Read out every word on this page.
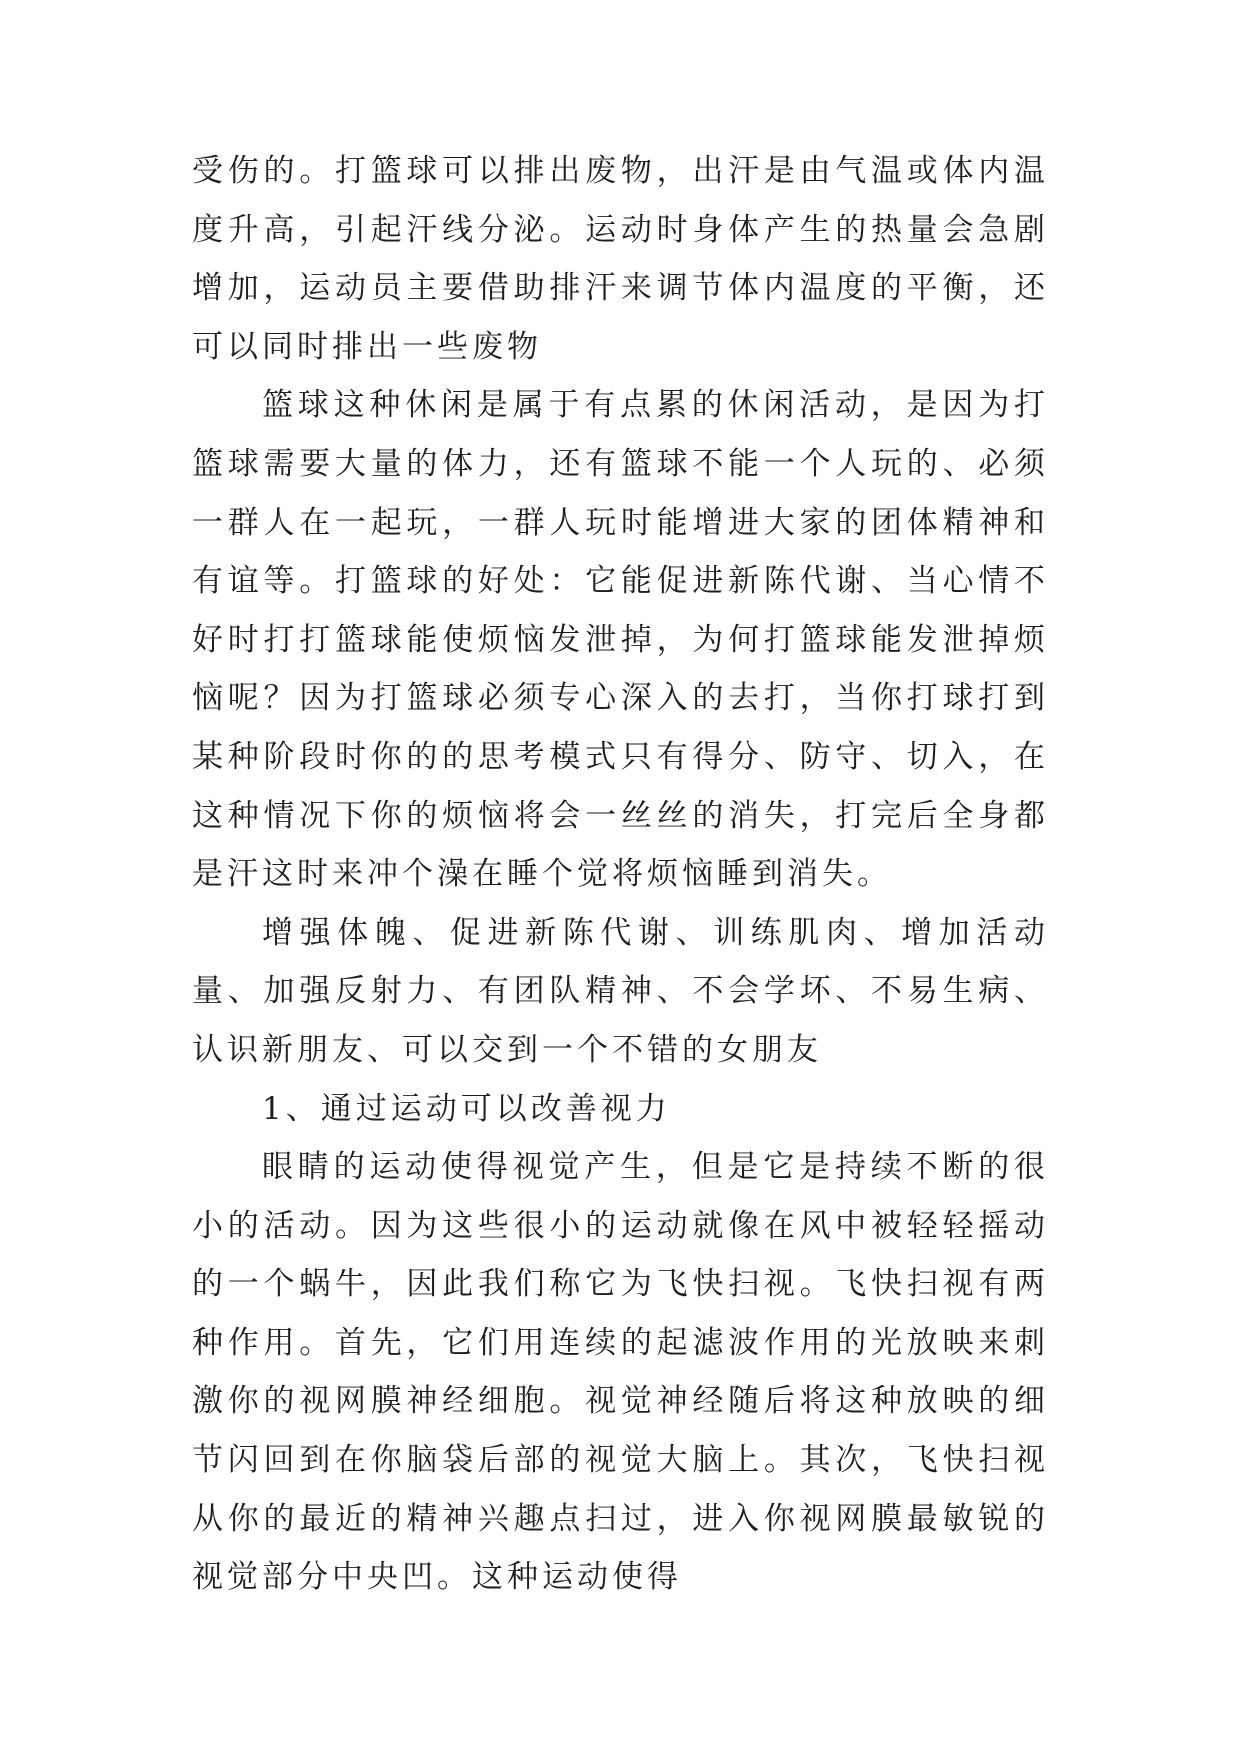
受伤的。打篮球可以排出废物，出汗是由气温或体内温度升高，引起汗线分泌。运动时身体产生的热量会急剧增加，运动员主要借助排汗来调节体内温度的平衡，还可以同时排出一些废物

篮球这种休闲是属于有点累的休闲活动，是因为打篮球需要大量的体力，还有篮球不能一个人玩的、必须一群人在一起玩，一群人玩时能增进大家的团体精神和有谊等。打篮球的好处：它能促进新陈代谢、当心情不好时打打篮球能使烦恼发泄掉，为何打篮球能发泄掉烦恼呢？因为打篮球必须专心深入的去打，当你打球打到某种阶段时你的的思考模式只有得分、防守、切入，在这种情况下你的烦恼将会一丝丝的消失，打完后全身都是汗这时来冲个澡在睡个觉将烦恼睡到消失。

增强体魄、促进新陈代谢、训练肌肉、增加活动量、加强反射力、有团队精神、不会学坏、不易生病、认识新朋友、可以交到一个不错的女朋友

1、通过运动可以改善视力

眼睛的运动使得视觉产生，但是它是持续不断的很小的活动。因为这些很小的运动就像在风中被轻轻摇动的一个蜗牛，因此我们称它为飞快扫视。飞快扫视有两种作用。首先，它们用连续的起滤波作用的光放映来刺激你的视网膜神经细胞。视觉神经随后将这种放映的细节闪回到在你脑袋后部的视觉大脑上。其次，飞快扫视从你的最近的精神兴趣点扫过，进入你视网膜最敏锐的视觉部分中央凹。这种运动使得
